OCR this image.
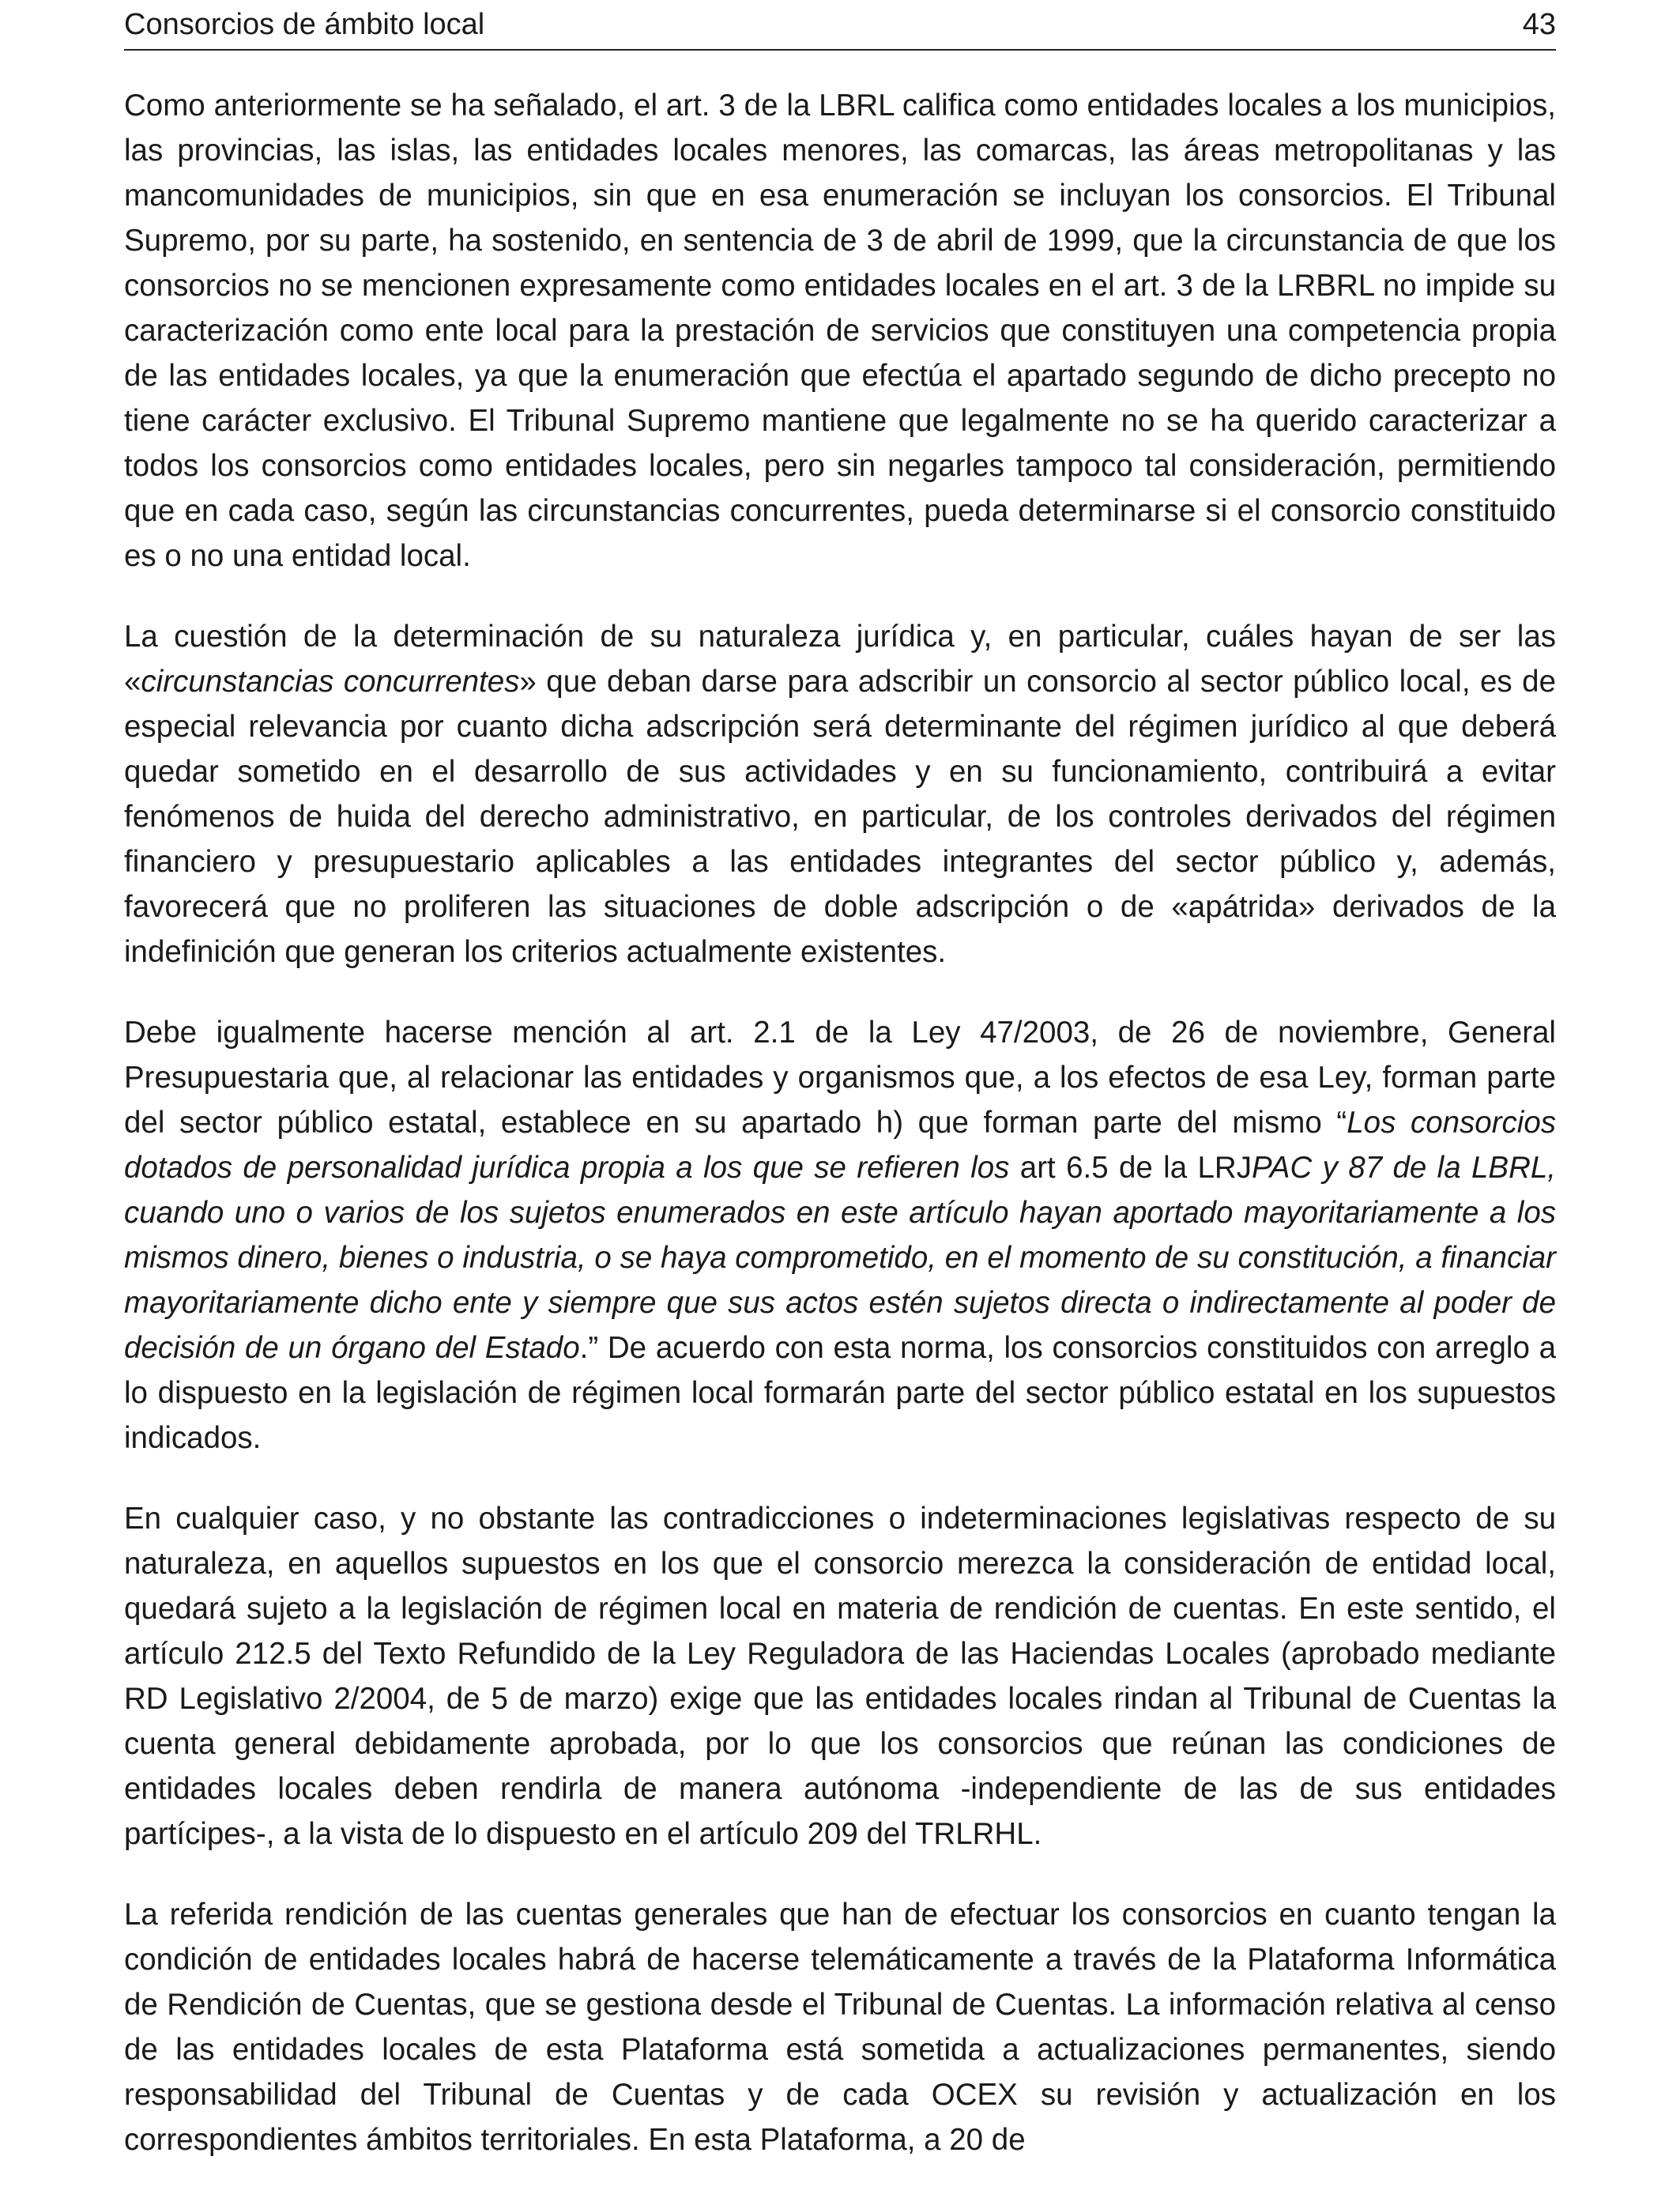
Consorcios de ámbito local	43

Como anteriormente se ha señalado, el art. 3 de la LBRL califica como entidades locales a los municipios, las provincias, las islas, las entidades locales menores, las comarcas, las áreas metropolitanas y las mancomunidades de municipios, sin que en esa enumeración se incluyan los consorcios. El Tribunal Supremo, por su parte, ha sostenido, en sentencia de 3 de abril de 1999, que la circunstancia de que los consorcios no se mencionen expresamente como entidades locales en el art. 3 de la LRBRL no impide su caracterización como ente local para la prestación de servicios que constituyen una competencia propia de las entidades locales, ya que la enumeración que efectúa el apartado segundo de dicho precepto no tiene carácter exclusivo. El Tribunal Supremo mantiene que legalmente no se ha querido caracterizar a todos los consorcios como entidades locales, pero sin negarles tampoco tal consideración, permitiendo que en cada caso, según las circunstancias concurrentes, pueda determinarse si el consorcio constituido es o no una entidad local.

La cuestión de la determinación de su naturaleza jurídica y, en particular, cuáles hayan de ser las «circunstancias concurrentes» que deban darse para adscribir un consorcio al sector público local, es de especial relevancia por cuanto dicha adscripción será determinante del régimen jurídico al que deberá quedar sometido en el desarrollo de sus actividades y en su funcionamiento, contribuirá a evitar fenómenos de huida del derecho administrativo, en particular, de los controles derivados del régimen financiero y presupuestario aplicables a las entidades integrantes del sector público y, además, favorecerá que no proliferen las situaciones de doble adscripción o de «apátrida» derivados de la indefinición que generan los criterios actualmente existentes.

Debe igualmente hacerse mención al art. 2.1 de la Ley 47/2003, de 26 de noviembre, General Presupuestaria que, al relacionar las entidades y organismos que, a los efectos de esa Ley, forman parte del sector público estatal, establece en su apartado h) que forman parte del mismo “Los consorcios dotados de personalidad jurídica propia a los que se refieren los art 6.5 de la LRJPAC y 87 de la LBRL, cuando uno o varios de los sujetos enumerados en este artículo hayan aportado mayoritariamente a los mismos dinero, bienes o industria, o se haya comprometido, en el momento de su constitución, a financiar mayoritariamente dicho ente y siempre que sus actos estén sujetos directa o indirectamente al poder de decisión de un órgano del Estado.” De acuerdo con esta norma, los consorcios constituidos con arreglo a lo dispuesto en la legislación de régimen local formarán parte del sector público estatal en los supuestos indicados.

En cualquier caso, y no obstante las contradicciones o indeterminaciones legislativas respecto de su naturaleza, en aquellos supuestos en los que el consorcio merezca la consideración de entidad local, quedará sujeto a la legislación de régimen local en materia de rendición de cuentas. En este sentido, el artículo 212.5 del Texto Refundido de la Ley Reguladora de las Haciendas Locales (aprobado mediante RD Legislativo 2/2004, de 5 de marzo) exige que las entidades locales rindan al Tribunal de Cuentas la cuenta general debidamente aprobada, por lo que los consorcios que reúnan las condiciones de entidades locales deben rendirla de manera autónoma -independiente de las de sus entidades partícipes-, a la vista de lo dispuesto en el artículo 209 del TRLRHL.

La referida rendición de las cuentas generales que han de efectuar los consorcios en cuanto tengan la condición de entidades locales habrá de hacerse telemáticamente a través de la Plataforma Informática de Rendición de Cuentas, que se gestiona desde el Tribunal de Cuentas. La información relativa al censo de las entidades locales de esta Plataforma está sometida a actualizaciones permanentes, siendo responsabilidad del Tribunal de Cuentas y de cada OCEX su revisión y actualización en los correspondientes ámbitos territoriales. En esta Plataforma, a 20 de
